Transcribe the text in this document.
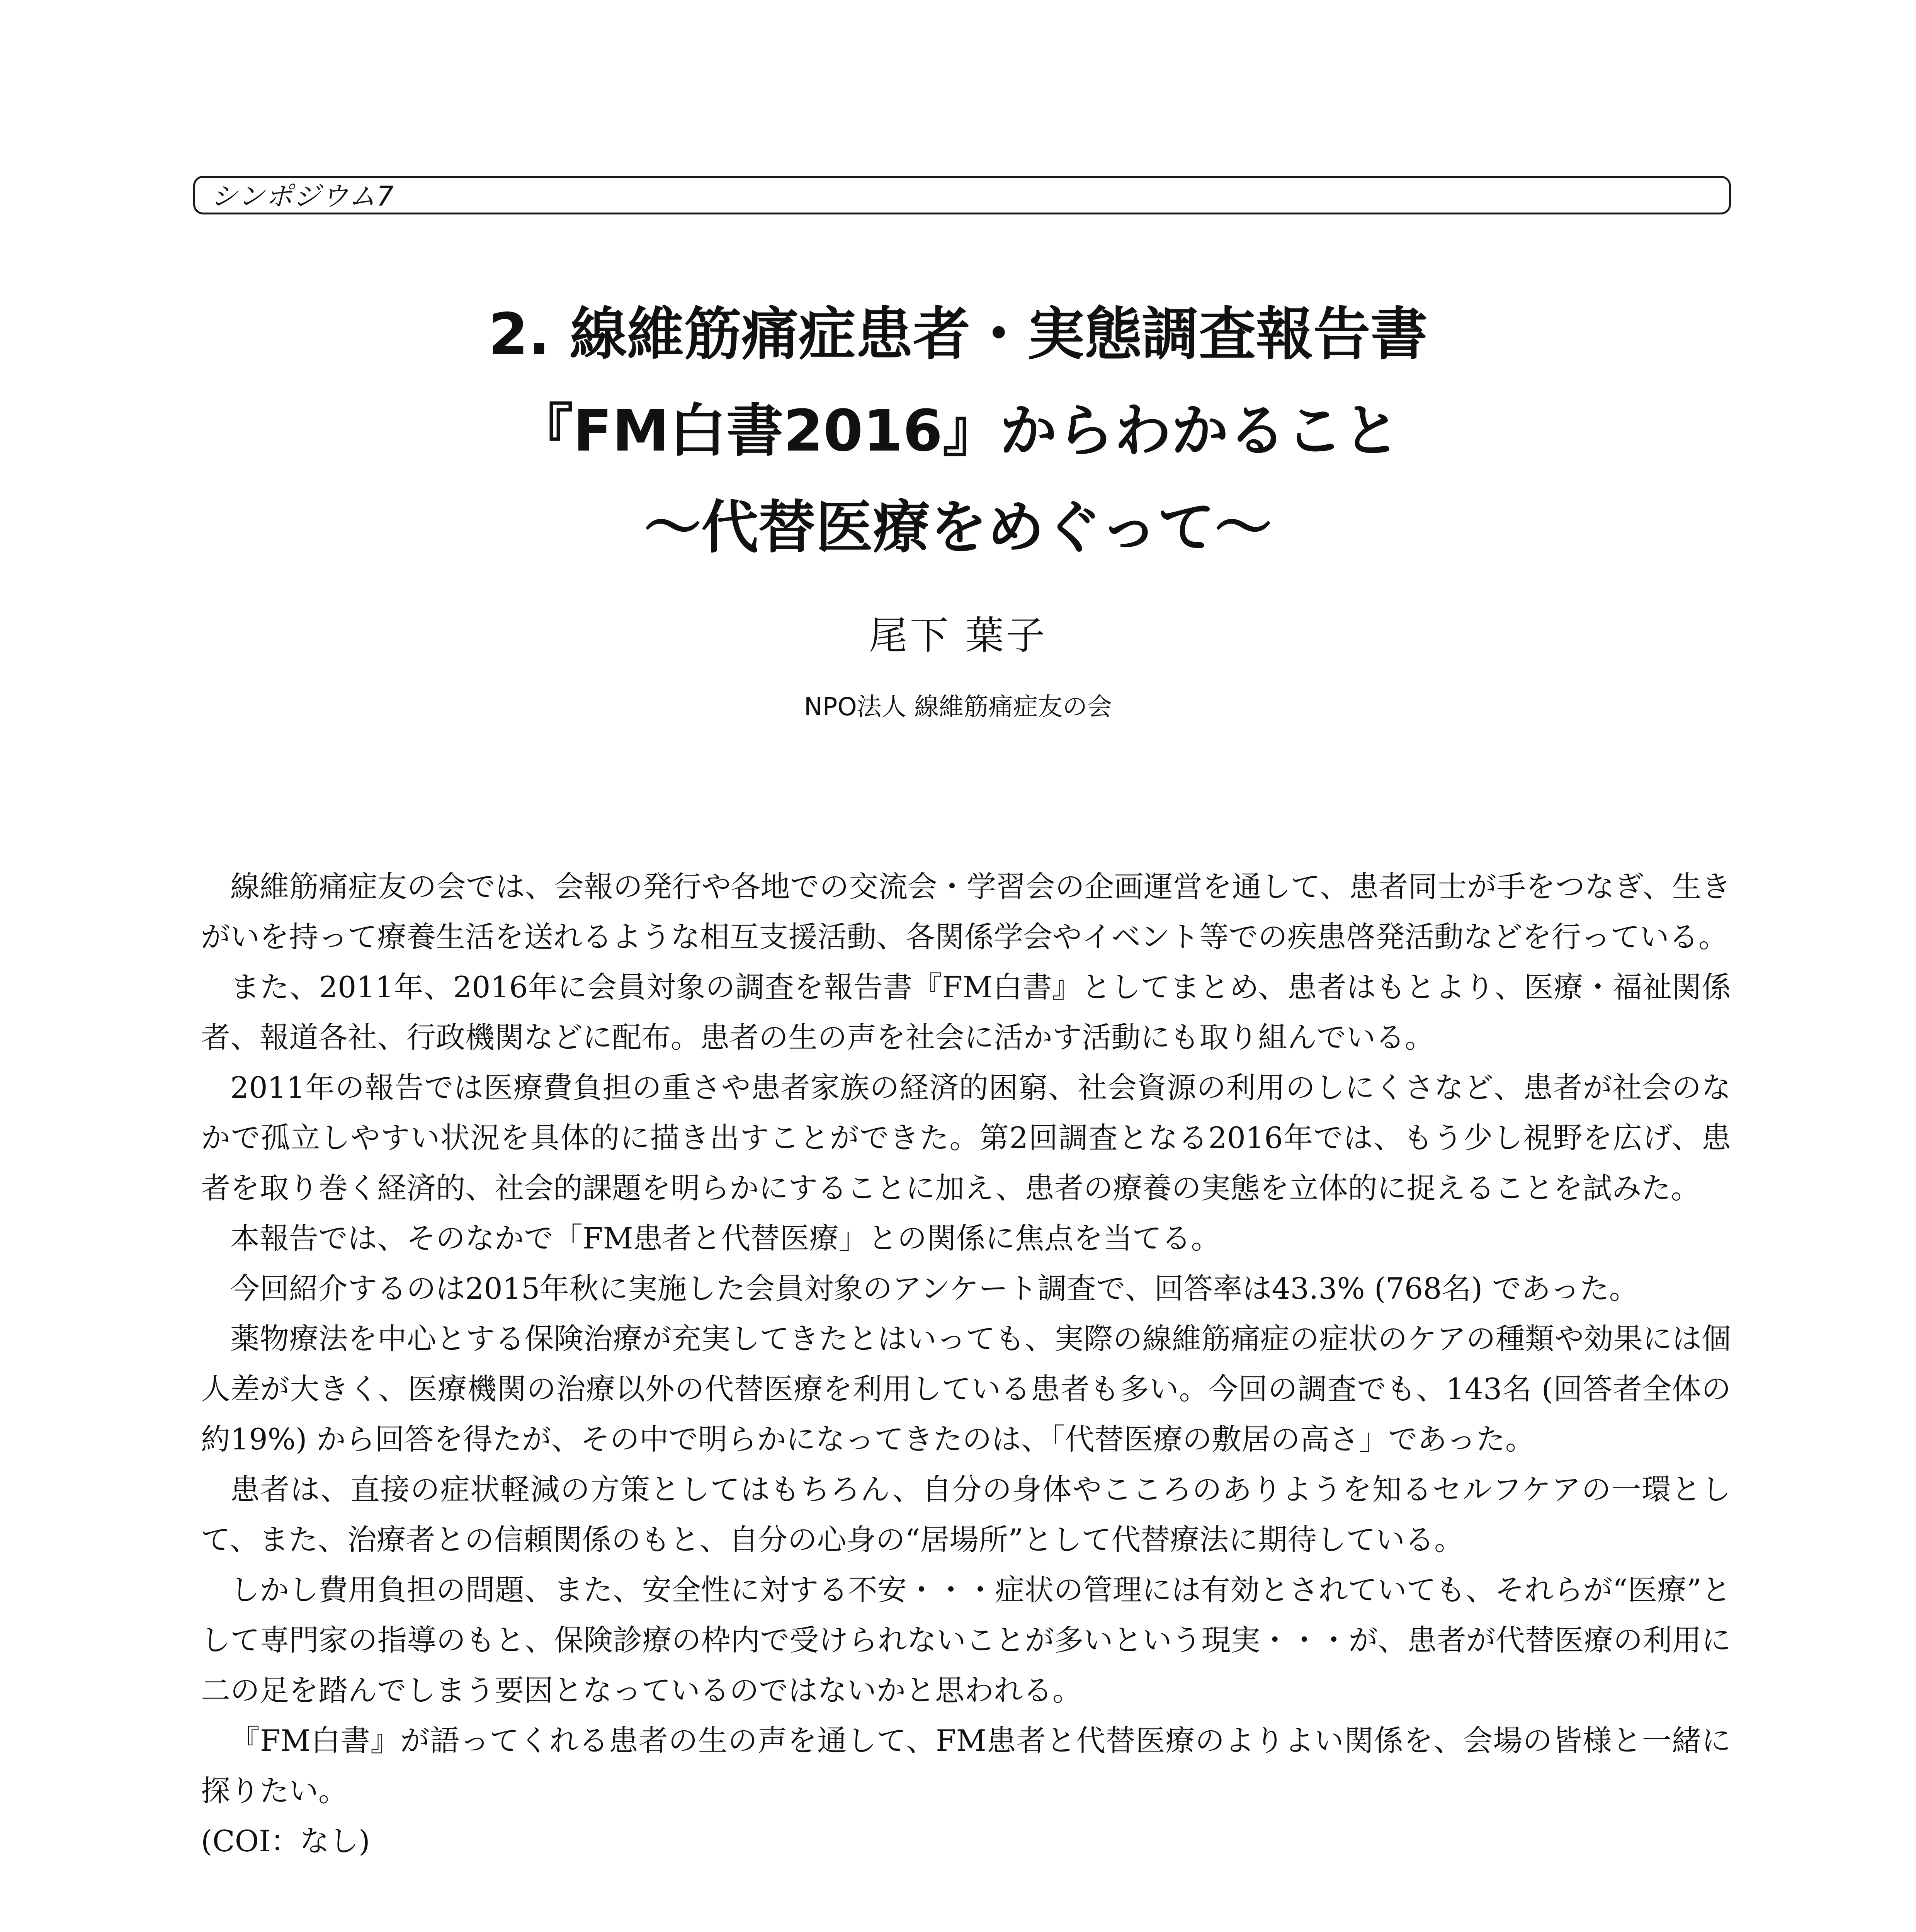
シンポジウム7
2. 線維筋痛症患者・実態調査報告書
『FM白書2016』からわかること
〜代替医療をめぐって〜
尾下 葉子
NPO法人 線維筋痛症友の会

線維筋痛症友の会では、会報の発行や各地での交流会・学習会の企画運営を通して、患者同士が手をつなぎ、生きがいを持って療養生活を送れるような相互支援活動、各関係学会やイベント等での疾患啓発活動などを行っている。

また、2011年、2016年に会員対象の調査を報告書『FM白書』としてまとめ、患者はもとより、医療・福祉関係者、報道各社、行政機関などに配布。患者の生の声を社会に活かす活動にも取り組んでいる。

2011年の報告では医療費負担の重さや患者家族の経済的困窮、社会資源の利用のしにくさなど、患者が社会のなかで孤立しやすい状況を具体的に描き出すことができた。第2回調査となる2016年では、もう少し視野を広げ、患者を取り巻く経済的、社会的課題を明らかにすることに加え、患者の療養の実態を立体的に捉えることを試みた。

本報告では、そのなかで「FM患者と代替医療」との関係に焦点を当てる。

今回紹介するのは2015年秋に実施した会員対象のアンケート調査で、回答率は43.3% (768名) であった。

薬物療法を中心とする保険治療が充実してきたとはいっても、実際の線維筋痛症の症状のケアの種類や効果には個人差が大きく、医療機関の治療以外の代替医療を利用している患者も多い。今回の調査でも、143名 (回答者全体の約19%) から回答を得たが、その中で明らかになってきたのは、「代替医療の敷居の高さ」であった。

患者は、直接の症状軽減の方策としてはもちろん、自分の身体やこころのありようを知るセルフケアの一環として、また、治療者との信頼関係のもと、自分の心身の“居場所”として代替療法に期待している。

しかし費用負担の問題、また、安全性に対する不安・・・症状の管理には有効とされていても、それらが“医療”として専門家の指導のもと、保険診療の枠内で受けられないことが多いという現実・・・が、患者が代替医療の利用に二の足を踏んでしまう要因となっているのではないかと思われる。

『FM白書』が語ってくれる患者の生の声を通して、FM患者と代替医療のよりよい関係を、会場の皆様と一緒に探りたい。

(COI：なし)
